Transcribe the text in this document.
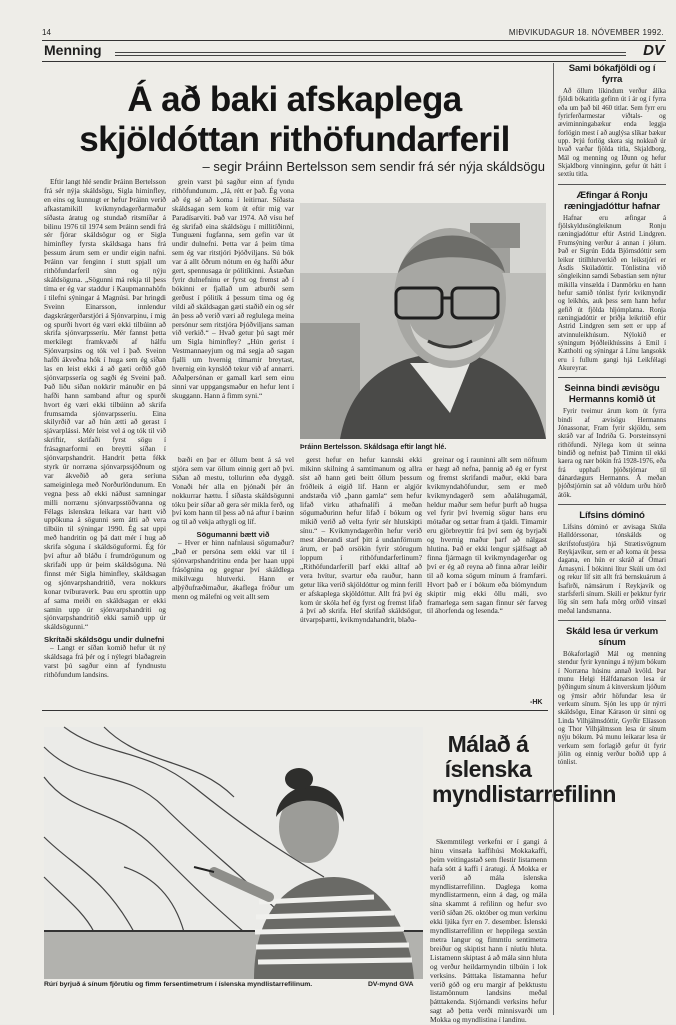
14	MIÐVIKUDAGUR 18. NÓVEMBER 1992.
Menning	DV
Á að baki afskaplega
skjöldóttan rithöfundarferil
– segir Þráinn Bertelsson sem sendir frá sér nýja skáldsögu

Eftir langt hlé sendir Þráinn Bertelsson frá sér nýja skáldsögu, Sigla himinfley, en eins og kunnugt er hefur Þráinn verið afkastamikill kvikmyndagerðarmaður síðasta áratug og stundað ritsmíðar á bilinu 1976 til 1974 sem Þráinn sendi frá sér fjórar skáldsögur og er Sigla himinfley fyrsta skáldsaga hans frá þessum árum sem er undir eigin nafni. Þráinn var fenginn í stutt spjall um rithöfundarferil sinn og nýju skáldsöguna. „Sögunni má rekja til þess tíma er ég var staddur í Kaupmannahöfn í tilefni sýningar á Magnúsi. Þar hringdi Sveinn Einarsson, innlendur dagskrárgerðarstjóri á Sjónvarpinu, í mig og spurði hvort ég væri ekki tilbúinn að skrifa sjónvarpsseríu. Mér fannst þetta merkilegt framkvæði af hálfu Sjónvarpsins og tók vel í það. Sveinn hafði ákveðna hók í huga sem ég síðan las en leist ekki á að gæti orðið góð sjónvarpssería og sagði ég Sveini það. Það liðu síðan nokkrir mánuðir en þá hafði hann samband aftur og spurði hvort ég væri ekki tilbúinn að skrifa frumsamda sjónvarpsseríu. Eina skilyrðið var að hún ætti að gerast í sjávarplássi. Mér leist vel á og tók til við skriftir, skrifaði fyrst sögu í frásagnarformi en breytti síðan í sjónvarpshandrit. Handrit þetta fékk styrk úr norræna sjónvarpssjóðnum og var ákveðið að gera seríuna sameiginlega með Norðurlöndunum. En vegna þess að ekki náðust samningar milli norrænu sjónvarpsstöðvanna og Félags íslenskra leikara var hætt við uppökuna á sögunni sem átti að vera tilbúin til sýningar 1990. Ég sat uppi með handritin og þá datt mér í hug að skrifa söguna í skáldsöguformi. Ég fór því aftur að bláðu í frumdrögunum og skrifaði upp úr þeim skáldsöguna. Nú finnst mér Sigla himinfley, skáldsagan og sjónvarpshandritið, vera nokkurs konar tvíburaverk. Þau eru sprottin upp af sama meiði en skáldsagan er ekki samin upp úr sjónvarpshandriti og sjónvarpshandritið ekki samið upp úr skáldsögunni.“

Skrítaði skáldsögu undir dulnefni

– Langt er síðan komið hefur út ný skáldsaga frá þér og í nýlegri blaðagrein varst þú sagður einn af fyndnustu rithöfundum landsins.

grein varst þú sagður einn af fyndu rithöfundunum. „Já, rétt er það. Ég vona að ég sé að koma í leitirnar. Síðasta skáldsagan sem kom út eftir mig var Paradísarvíti. Það var 1974. Að vísu hef ég skrifað eina skáldsögu í millitíðinni, Tunguæni fugfanna, sem gefin var út undir dulnefni. Þetta var á þeim tíma sem ég var ritstjóri Þjóðviljans. Sú bók var á allt öðrum nótum en ég hafði áður gert, spennusaga úr pólitíkinni. Ástæðan fyrir dulnefninu er fyrst og fremst að í bókinni er fjallað um atburði sem gerðust í pólitík á þessum tíma og ég vildi að skáldsagan gæti staðið ein og sér án þess að verið væri að reglulega meina persónur sem ritstjóra Þjóðviljans saman við verkið.“ – Hvað getur þú sagt mér um Sigla himinfley? „Hún gerist í Vestmannaeyjum og má segja að sagan fjalli um hvernig tímarnir breytast, hvernig ein kynslóð tekur við af annarri. Aðalpersónan er gamall karl sem einu sinni var uppgangsmaður en hefur lent í skuggann. Hann á fimm syni.“

Þráinn Bertelsson. Skáldsaga eftir langt hlé.

bæði en þar er öllum bent á sá vel stjóra sem var öllum einnig gert að því. Síðan að mestu, tollurinn eða dyggð. Vonaði hér alla en þjónaði þér án nokkurrar hættu. Í síðasta skáldsögunni tóku þeir síðar að gera sér mikla ferð, og því kom hann til þess að ná aftur í bæinn og til að vekja athygli og líf.

Sögumanni bætt við

– Hver er hinn nafnlausi sögumaður? „Það er persóna sem ekki var til í sjónvarpshandritinu enda þer haan uppi frásögnina og gegnar því skáldlega mikilvægu hlutverki. Hann er alþýðufræðimaður, ákaflega fróður um menn og málefni og veit allt sem

gerst hefur en hefur kannski ekki mikinn skilning á samtímanum og allra síst að hann geti beitt öllum þessum fróðleik á eigið líf. Hann er algjör andstæða við „þann gamla“ sem hefur lifað virku athafnalífi á meðan sögumaðurinn hefur lifað í bókum og mikið verið að velta fyrir sér hlutskipti sínu.“ – Kvikmyndagerðin hefur verið mest áberandi starf þitt á undanförnum árum, er það orsökin fyrir störugum loppum í rithöfundarferlinum? „Rithöfundarferill þarf ekki alltaf að vera hvítur, svartur eða rauður, hann getur líka verið skjöldóttur og minn ferill er afskaplega skjöldóttur. Allt frá því ég kom úr skóla hef ég fyrst og fremst lifað á því að skrifa. Hef skrifað skáldsögur, útvarpsþætti, kvikmyndahandrit, blaða-

greinar og í rauninni allt sem nöfnum er hægt að nefna, þannig að ég er fyrst og fremst skrifandi maður, ekki bara kvikmyndahöfundur, sem er með kvikmyndagerð sem aðaláhugamál, heldur maður sem hefur þurft að hugsa vel fyrir því hvernig sögur hans eru mótaðar og settar fram á tjaldi. Tímarnir eru gjörbreyttir frá því sem ég byrjaði og hvernig maður þarf að nálgast hlutina. Það er ekki lengur sjálfsagt að finna fjármagn til kvikmyndagerðar og því er ég að reyna að finna aðrar leiðir til að koma sögum mínum á framfæri. Hvort það er í bókum eða bíómyndum skiptir mig ekki öllu máli, svo framarlega sem sagan finnur sér farveg til áhorfenda og lesenda.“

-HK
Rúrí byrjuð á sínum fjörutíu og fimm fersentimetrum í íslenska myndlistarrefilinum.	DV-mynd GVA
Málað á íslenska myndlistarrefilinn

Skemmtilegt verkefni er í gangi á hinu vinsæla kaffihúsi Mokkakaffi, þeim veitingastað sem flestir listamenn hafa sótt á kaffi í áratugi. Á Mokka er verið að mála íslenska myndlistarrefilinn. Daglega koma myndlistarmenn, einn á dag, og mála sína skammt á refilinn og hefur svo verið síðan 26. október og mun verkinu ekki ljúka fyrr en 7. desember. Íslenski myndlistarrefilinn er heppilega sextán metra langur og fimmtíu sentimetra breiður og skiptist hann í níutíu hluta. Listamenn skiptast á að mála sinn hluta og verður heildarmyndin tilbúin í lok verksins. Þátttaka listamanna hefur verið góð og eru margir af þekktustu listamönnum landsins meðal þátttakenda. Stjórnandi verksins hefur sagt að þetta verði minnisvarði um Mokka og myndlistina í landinu.

Sami bókafjöldi og í fyrra
Að öllum líkindum verður álíka fjöldi bókatitla gefinn út í ár og í fyrra eða um það bil 460 titlar. Sem fyrr eru fyrirferðarmestar viðtals- og æviminningabækur enda leggja forlögin mest í að auglýsa slíkar bækur upp. Þrjú forlög skera sig nokkuð úr hvað varðar fjölda titla, Skjaldborg, Mál og menning og Iðunn og hefur Skjaldborg vinninginn, gefur út hátt í sextíu titla.
Æfingar á Ronju ræningjadóttur hafnar
Hafnar eru æfingar á fjölskyldusöngleiknum Ronju ræningjadóttur eftir Astrid Lindgren. Frumsýning verður á annan í jólum. Það er Sigrún Edda Björnsdóttir sem leikur titilhlutverkið en leikstjóri er Ásdís Skúladóttir. Tónlistina við söngleikinn samdi Sebastian sem nýtur mikilla vinsælda í Danmörku en hann hefur samið tónlist fyrir kvikmyndir og leikhús, auk þess sem hann hefur gefið út fjölda hljómplatna. Ronja ræningjadóttir er þriðja leikritið eftir Astrid Lindgren sem sett er upp af atvinnuleikhúsum. Nýlokið er sýningum Þjóðleikhússins á Emil í Kattholti og sýningar á Línu langsokk eru í fullum gangi hjá Leikfélagi Akureyrar.
Seinna bindi ævisögu Hermanns komið út
Fyrir tveimur árum kom út fyrra bindi af ævisögu Hermanns Jónassonar, Fram fyrir skjöldu, sem skráð var af Indriða G. Þorsteinssyni rithöfundi. Nýlega kom út seinna bindið og nefnist það Tíminn til ekki kaera og nær bókin frá 1928-1976, eða frá upphafi þjóðstjórnar til dánardægurs Hermanns. Á meðan þjóðstjórnin sat að völdum urðu hörð átök.
Lífsins dóminó
Lífsins dóminó er ævisaga Skúla Halldórssonar, tónskálds og skrifstofustjóra hjá Strætisvögnum Reykjavíkur, sem er að koma út þessa dagana, en hún er skráð af Ómari Árnasyni. Í bókinni lítur Skúli um öxl og rekur líf sitt allt frá bernskuárum á Ísafirði, námsárum í Reykjavík og starfsferli sínum. Skúli er þekktur fyrir lög sín sem hafa mörg orðið vinsæl meðal landsmanna.
Skáld lesa úr verkum sínum
Bókaforlagið Mál og menning stendur fyrir kynningu á nýjum bókum í Norræna húsinu annað kvöld. Þar munu Helgi Hálfdanarson lesa úr þýðingum sínum á kínverskum ljóðum og ýmsir aðrir höfundar lesa úr verkum sínum. Sjón les upp úr nýrri skáldsögu, Einar Kárason úr sinni og Linda Vilhjálmsdóttir, Gyrðir Elíasson og Thor Vilhjálmsson lesa úr sínum nýju bókum. Þá munu leikarar lesa úr verkum sem forlagið gefur út fyrir jólin og einnig verður boðið upp á tónlist.
